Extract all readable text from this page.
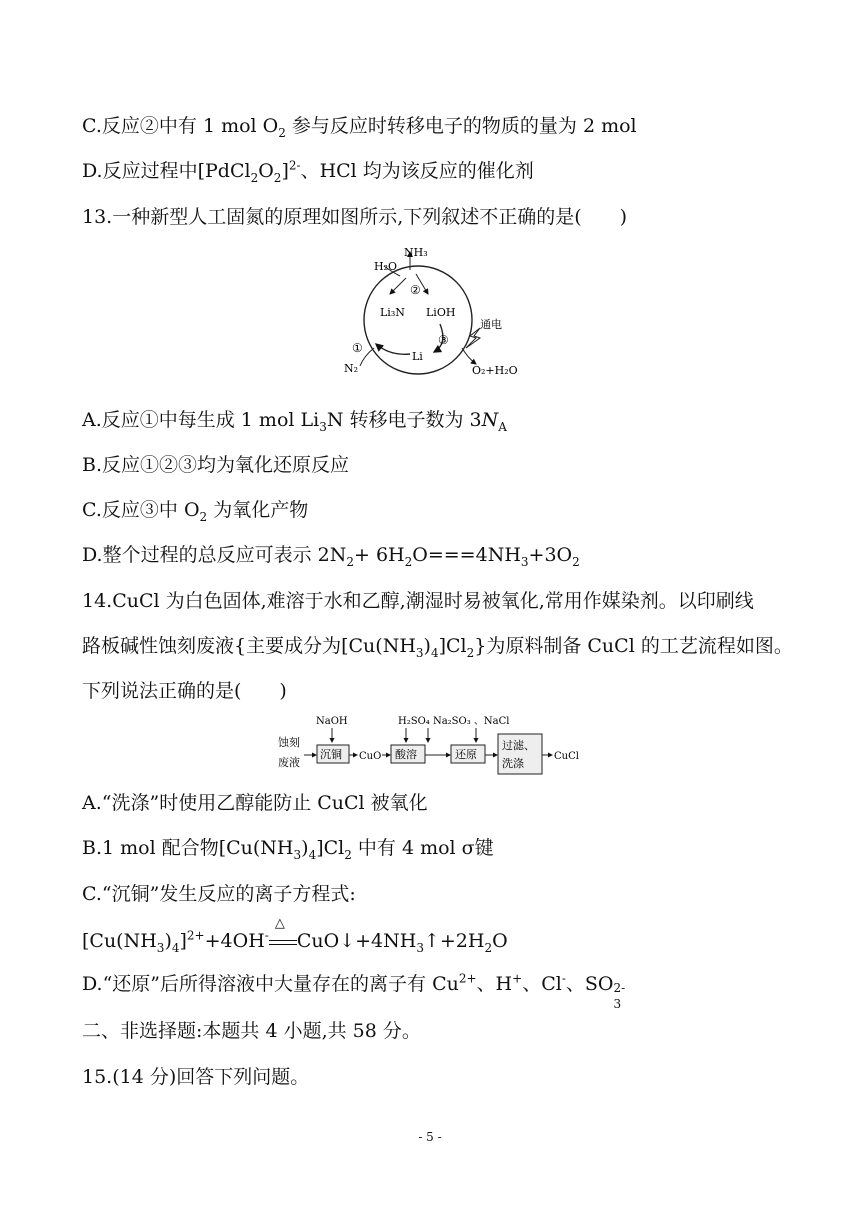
C.反应②中有 1 mol $O_2$ 参与反应时转移电子的物质的量为 2 mol
D.反应过程中$[PdCl_2O_2]^{2-}$、HCl 均为该反应的催化剂
13.一种新型人工固氮的原理如图所示,下列叙述不正确的是(　　)
H₂O
NH₃
②
Li₃N LiOH
通电
①
③
Li
N₂	O₂+H₂O
A.反应①中每生成 1 mol $Li_3N$ 转移电子数为 $3N_A$
B.反应①②③均为氧化还原反应
C.反应③中 $O_2$ 为氧化产物
D.整个过程的总反应可表示 $2N_2+ 6H_2O===4NH_3+3O_2$
14.CuCl 为白色固体,难溶于水和乙醇,潮湿时易被氧化,常用作媒染剂。以印刷线
路板碱性蚀刻废液{主要成分为$[Cu(NH_3)_4]Cl_2$}为原料制备 CuCl 的工艺流程如图。
下列说法正确的是(　　)
NaOH	H₂SO₄ Na₂SO₃ 、NaCl
蚀刻
废液
沉铜 CuO 酸溶	还原
过滤、
洗涤
CuCl
A.“洗涤”时使用乙醇能防止 CuCl 被氧化
B.1 mol 配合物$[Cu(NH_3)_4]Cl_2$ 中有 4 mol σ键
C.“沉铜”发生反应的离子方程式:
$[Cu(NH_3)_4]^{2+}+4OH^-$
△
$CuO↓+4NH_3↑+2H_2O$
D.“还原”后所得溶液中大量存在的离子有 $Cu^{2+}$、H+、Cl-、SO 2-
3
二、非选择题:本题共 4 小题,共 58 分。
15.(14 分)回答下列问题。
- 5 -
